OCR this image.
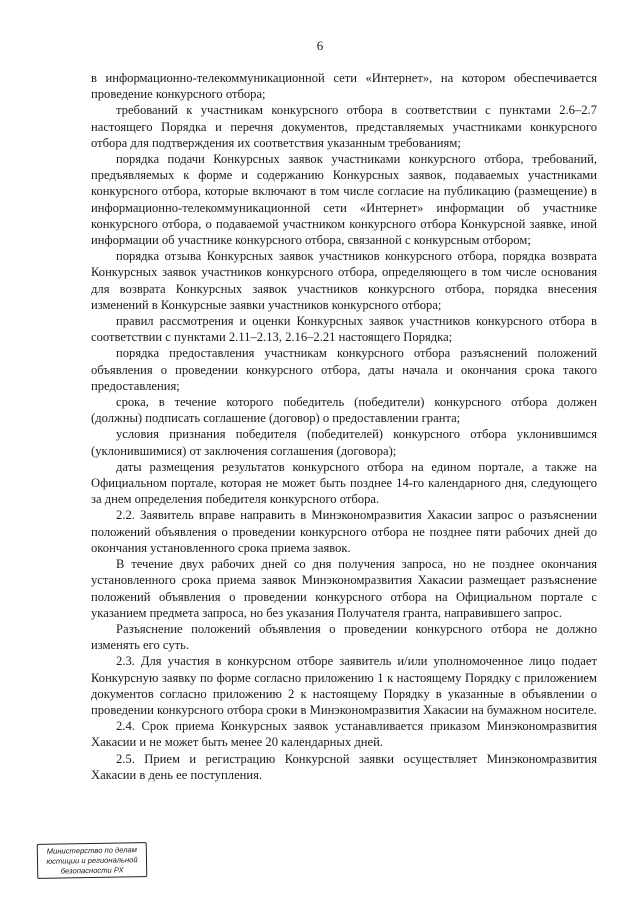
6

в информационно-телекоммуникационной сети «Интернет», на котором обеспечивается проведение конкурсного отбора;

требований к участникам конкурсного отбора в соответствии с пунктами 2.6–2.7 настоящего Порядка и перечня документов, представляемых участниками конкурсного отбора для подтверждения их соответствия указанным требованиям;

порядка подачи Конкурсных заявок участниками конкурсного отбора, требований, предъявляемых к форме и содержанию Конкурсных заявок, подаваемых участниками конкурсного отбора, которые включают в том числе согласие на публикацию (размещение) в информационно-телекоммуникационной сети «Интернет» информации об участнике конкурсного отбора, о подаваемой участником конкурсного отбора Конкурсной заявке, иной информации об участнике конкурсного отбора, связанной с конкурсным отбором;

порядка отзыва Конкурсных заявок участников конкурсного отбора, порядка возврата Конкурсных заявок участников конкурсного отбора, определяющего в том числе основания для возврата Конкурсных заявок участников конкурсного отбора, порядка внесения изменений в Конкурсные заявки участников конкурсного отбора;

правил рассмотрения и оценки Конкурсных заявок участников конкурсного отбора в соответствии с пунктами 2.11–2.13, 2.16–2.21 настоящего Порядка;

порядка предоставления участникам конкурсного отбора разъяснений положений объявления о проведении конкурсного отбора, даты начала и окончания срока такого предоставления;

срока, в течение которого победитель (победители) конкурсного отбора должен (должны) подписать соглашение (договор) о предоставлении гранта;

условия признания победителя (победителей) конкурсного отбора уклонившимся (уклонившимися) от заключения соглашения (договора);

даты размещения результатов конкурсного отбора на едином портале, а также на Официальном портале, которая не может быть позднее 14-го календарного дня, следующего за днем определения победителя конкурсного отбора.

2.2. Заявитель вправе направить в Минэкономразвития Хакасии запрос о разъяснении положений объявления о проведении конкурсного отбора не позднее пяти рабочих дней до окончания установленного срока приема заявок.

В течение двух рабочих дней со дня получения запроса, но не позднее окончания установленного срока приема заявок Минэкономразвития Хакасии размещает разъяснение положений объявления о проведении конкурсного отбора на Официальном портале с указанием предмета запроса, но без указания Получателя гранта, направившего запрос.

Разъяснение положений объявления о проведении конкурсного отбора не должно изменять его суть.

2.3. Для участия в конкурсном отборе заявитель и/или уполномоченное лицо подает Конкурсную заявку по форме согласно приложению 1 к настоящему Порядку с приложением документов согласно приложению 2 к настоящему Порядку в указанные в объявлении о проведении конкурсного отбора сроки в Минэкономразвития Хакасии на бумажном носителе.

2.4. Срок приема Конкурсных заявок устанавливается приказом Минэкономразвития Хакасии и не может быть менее 20 календарных дней.

2.5. Прием и регистрацию Конкурсной заявки осуществляет Минэкономразвития Хакасии в день ее поступления.

Министерство по делам
юстиции и региональной
безопасности РХ
